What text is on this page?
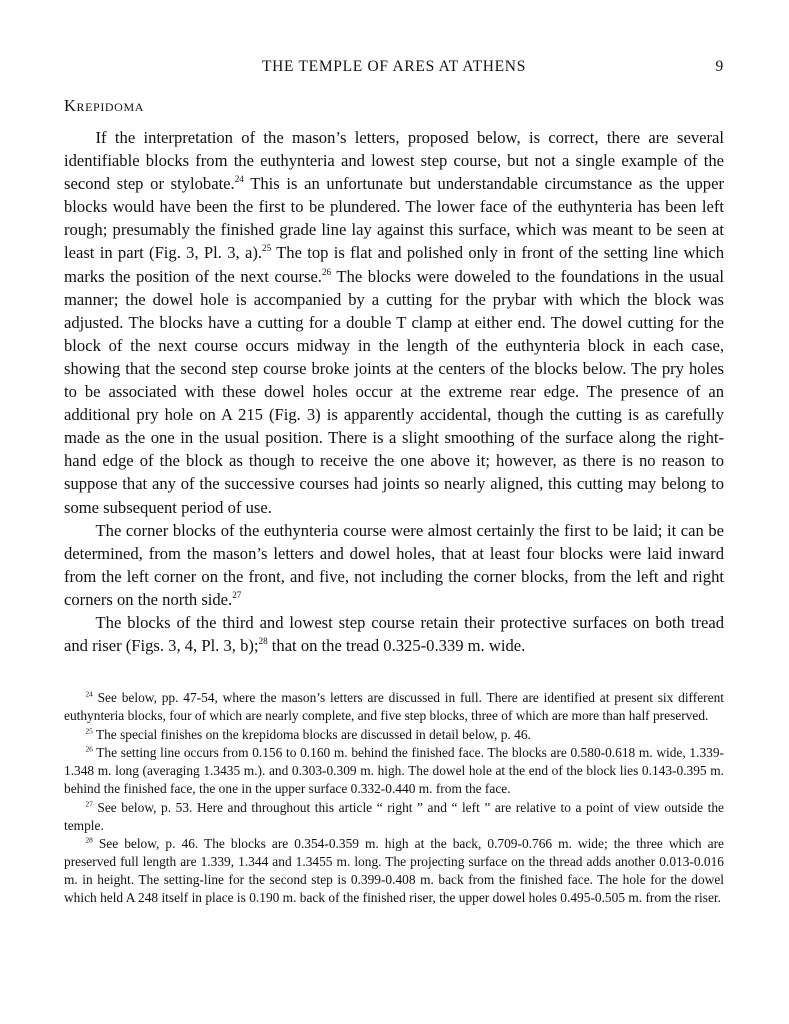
THE TEMPLE OF ARES AT ATHENS	9
Krepidoma

If the interpretation of the mason’s letters, proposed below, is correct, there are several identifiable blocks from the euthynteria and lowest step course, but not a single example of the second step or stylobate.$^{24}$ This is an unfortunate but understandable circumstance as the upper blocks would have been the first to be plundered. The lower face of the euthynteria has been left rough; presumably the finished grade line lay against this surface, which was meant to be seen at least in part (Fig. 3, Pl. 3, a).$^{25}$ The top is flat and polished only in front of the setting line which marks the position of the next course.$^{26}$ The blocks were doweled to the foundations in the usual manner; the dowel hole is accompanied by a cutting for the prybar with which the block was adjusted. The blocks have a cutting for a double T clamp at either end. The dowel cutting for the block of the next course occurs midway in the length of the euthynteria block in each case, showing that the second step course broke joints at the centers of the blocks below. The pry holes to be associated with these dowel holes occur at the extreme rear edge. The presence of an additional pry hole on A 215 (Fig. 3) is apparently accidental, though the cutting is as carefully made as the one in the usual position. There is a slight smoothing of the surface along the right-hand edge of the block as though to receive the one above it; however, as there is no reason to suppose that any of the successive courses had joints so nearly aligned, this cutting may belong to some subsequent period of use.

The corner blocks of the euthynteria course were almost certainly the first to be laid; it can be determined, from the mason’s letters and dowel holes, that at least four blocks were laid inward from the left corner on the front, and five, not including the corner blocks, from the left and right corners on the north side.$^{27}$

The blocks of the third and lowest step course retain their protective surfaces on both tread and riser (Figs. 3, 4, Pl. 3, b);$^{28}$ that on the tread 0.325-0.339 m. wide.

$^{24}$ See below, pp. 47-54, where the mason’s letters are discussed in full. There are identified at present six different euthynteria blocks, four of which are nearly complete, and five step blocks, three of which are more than half preserved.

$^{25}$ The special finishes on the krepidoma blocks are discussed in detail below, p. 46.

$^{26}$ The setting line occurs from 0.156 to 0.160 m. behind the finished face. The blocks are 0.580-0.618 m. wide, 1.339-1.348 m. long (averaging 1.3435 m.). and 0.303-0.309 m. high. The dowel hole at the end of the block lies 0.143-0.395 m. behind the finished face, the one in the upper surface 0.332-0.440 m. from the face.

$^{27}$ See below, p. 53. Here and throughout this article “ right ” and “ left ” are relative to a point of view outside the temple.

$^{28}$ See below, p. 46. The blocks are 0.354-0.359 m. high at the back, 0.709-0.766 m. wide; the three which are preserved full length are 1.339, 1.344 and 1.3455 m. long. The projecting surface on the thread adds another 0.013-0.016 m. in height. The setting-line for the second step is 0.399-0.408 m. back from the finished face. The hole for the dowel which held A 248 itself in place is 0.190 m. back of the finished riser, the upper dowel holes 0.495-0.505 m. from the riser.
